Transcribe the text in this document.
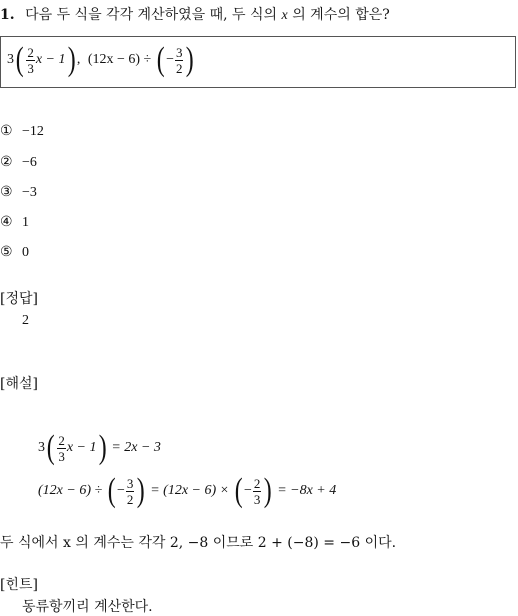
1. 다음 두 식을 각각 계산하였을 때, 두 식의 x 의 계수의 합은?
$3( \frac{2}{3}$ x − 1) , (12x − 6) ÷ ( − $\frac{3}{2}$ )
① −12
② −6
③ −3
④ 1
⑤ 0
[정답]
2
[해설]
$3( \frac{2}{3}$ x − 1) = 2x − 3
(12x − 6) ÷ ( − $\frac{3}{2}$ ) = (12x − 6) × ( − $\frac{2}{3}$ ) = −8x + 4
두 식에서 x 의 계수는 각각 2, −8 이므로 2 + (−8) = −6 이다.
[힌트]
동류항끼리 계산한다.
